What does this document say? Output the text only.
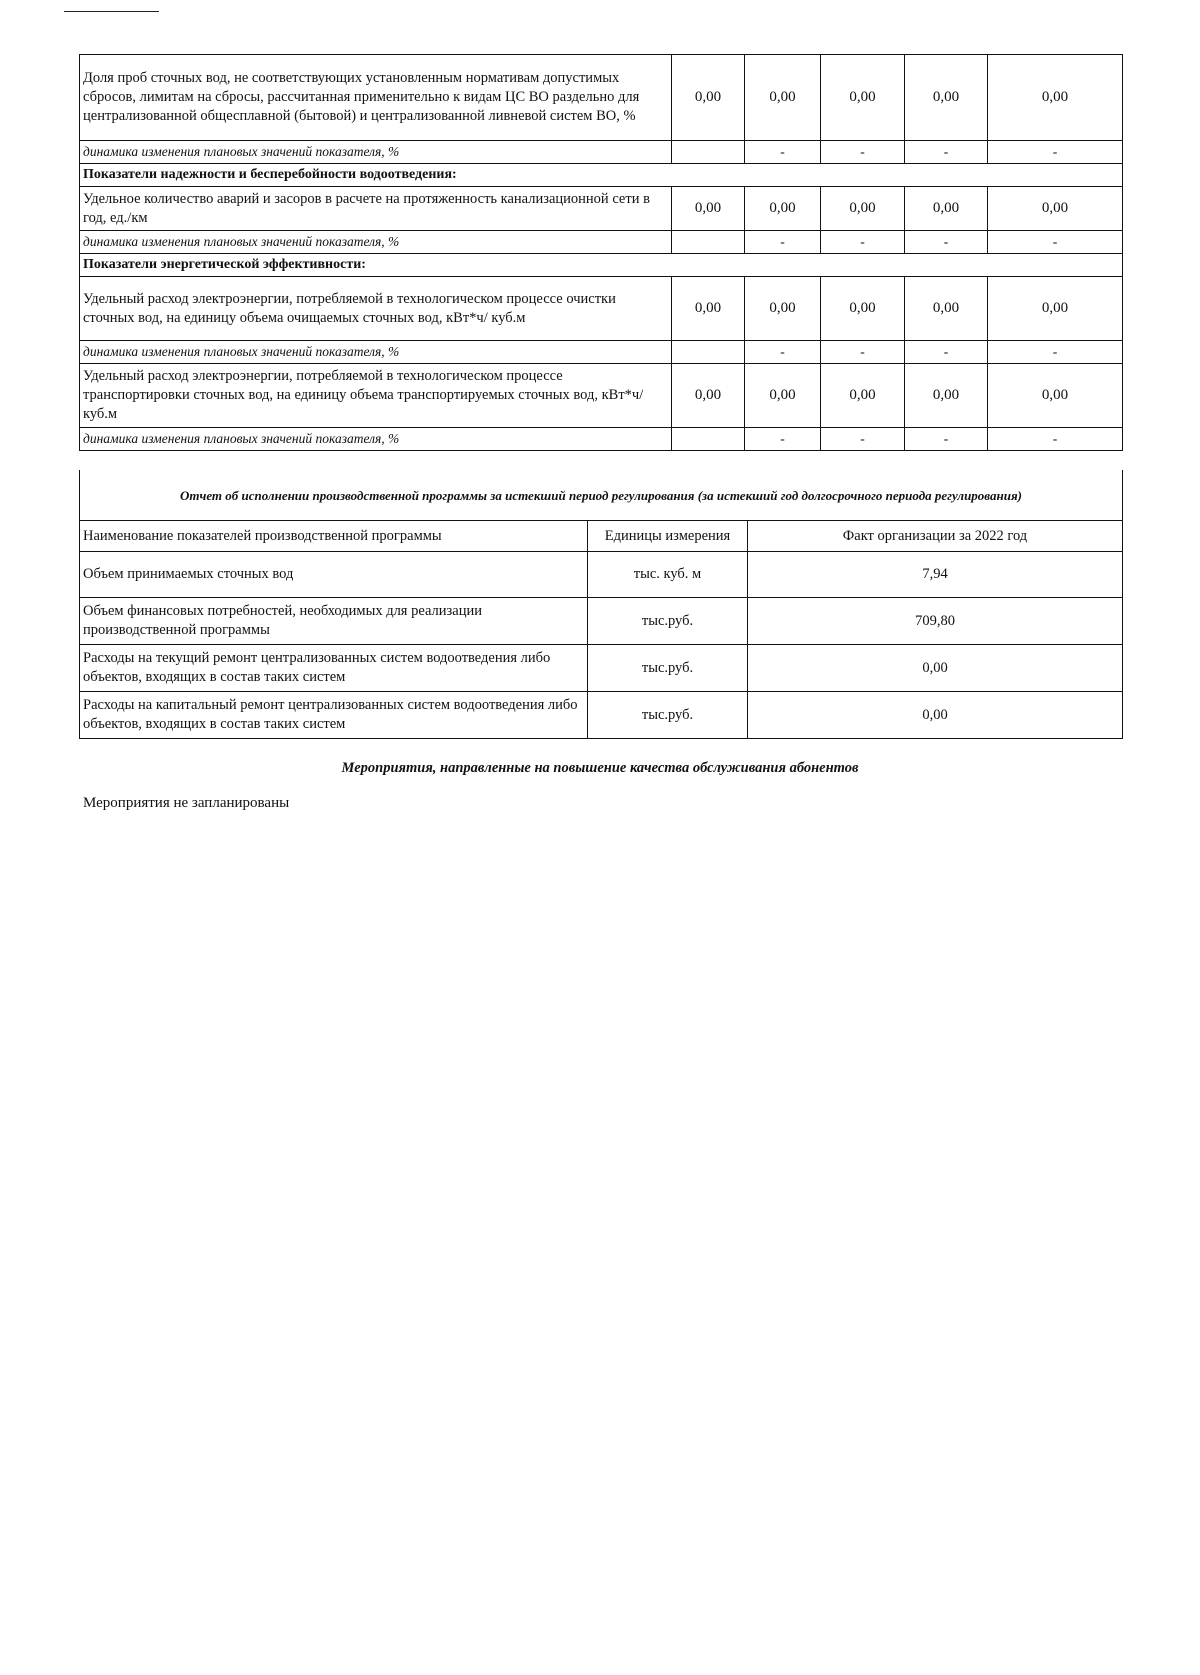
Доля проб сточных вод, не соответствующих установленным нормативам допустимых сбросов, лимитам на сбросы, рассчитанная применительно к видам ЦС ВО раздельно для централизованной общесплавной (бытовой) и централизованной ливневой систем ВО, %	0,00	0,00	0,00	0,00	0,00
динамика изменения плановых значений показателя, %		-	-	-	-
Показатели надежности и бесперебойности водоотведения:					
Удельное количество аварий и засоров в расчете на протяженность канализационной сети в год, ед./км	0,00	0,00	0,00	0,00	0,00
динамика изменения плановых значений показателя, %		-	-	-	-
Показатели энергетической эффективности:					
Удельный расход электроэнергии, потребляемой в технологическом процессе очистки сточных вод, на единицу объема очищаемых сточных вод, кВт*ч/ куб.м	0,00	0,00	0,00	0,00	0,00
динамика изменения плановых значений показателя, %		-	-	-	-
Удельный расход электроэнергии, потребляемой в технологическом процессе транспортировки сточных вод, на единицу объема транспортируемых сточных вод, кВт*ч/ куб.м	0,00	0,00	0,00	0,00	0,00
динамика изменения плановых значений показателя, %		-	-	-	-
Отчет об исполнении производственной программы за истекший период регулирования (за истекший год долгосрочного периода регулирования)		
Наименование показателей производственной программы	Единицы измерения	Факт организации за 2022 год
Объем принимаемых сточных вод	тыс. куб. м	7,94
Объем финансовых потребностей, необходимых для реализации производственной программы	тыс.руб.	709,80
Расходы на текущий ремонт централизованных систем водоотведения либо объектов, входящих в состав таких систем	тыс.руб.	0,00
Расходы на капитальный ремонт централизованных систем водоотведения либо объектов, входящих в состав таких систем	тыс.руб.	0,00
Мероприятия, направленные на повышение качества обслуживания абонентов
Мероприятия не запланированы
